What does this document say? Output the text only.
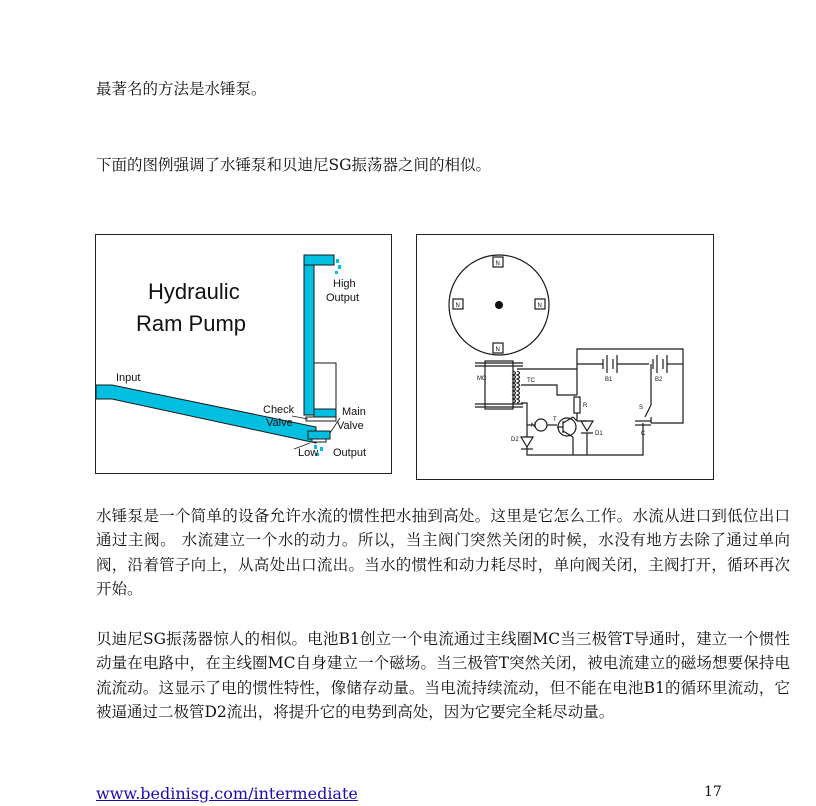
最著名的方法是水锤泵。
下面的图例强调了水锤泵和贝迪尼SG振荡器之间的相似。
Hydraulic
Ram Pump
High
Output
Input
Check
Valve
Main
Valve
Low Output
N
N	N
N
MC	TC
R
N
T
D1
D2
B1	B2
S
C
水锤泵是一个简单的设备允许水流的惯性把水抽到高处。这里是它怎么工作。水流从进口到低位出口通过主阀。 水流建立一个水的动力。所以，当主阀门突然关闭的时候，水没有地方去除了通过单向阀，沿着管子向上，从高处出口流出。当水的惯性和动力耗尽时，单向阀关闭，主阀打开，循环再次开始。
贝迪尼SG振荡器惊人的相似。电池B1创立一个电流通过主线圈MC当三极管T导通时，建立一个惯性动量在电路中，在主线圈MC自身建立一个磁场。当三极管T突然关闭，被电流建立的磁场想要保持电流流动。这显示了电的惯性特性，像储存动量。当电流持续流动，但不能在电池B1的循环里流动，它被逼通过二极管D2流出，将提升它的电势到高处，因为它要完全耗尽动量。
www.bedinisg.com/intermediate	17
